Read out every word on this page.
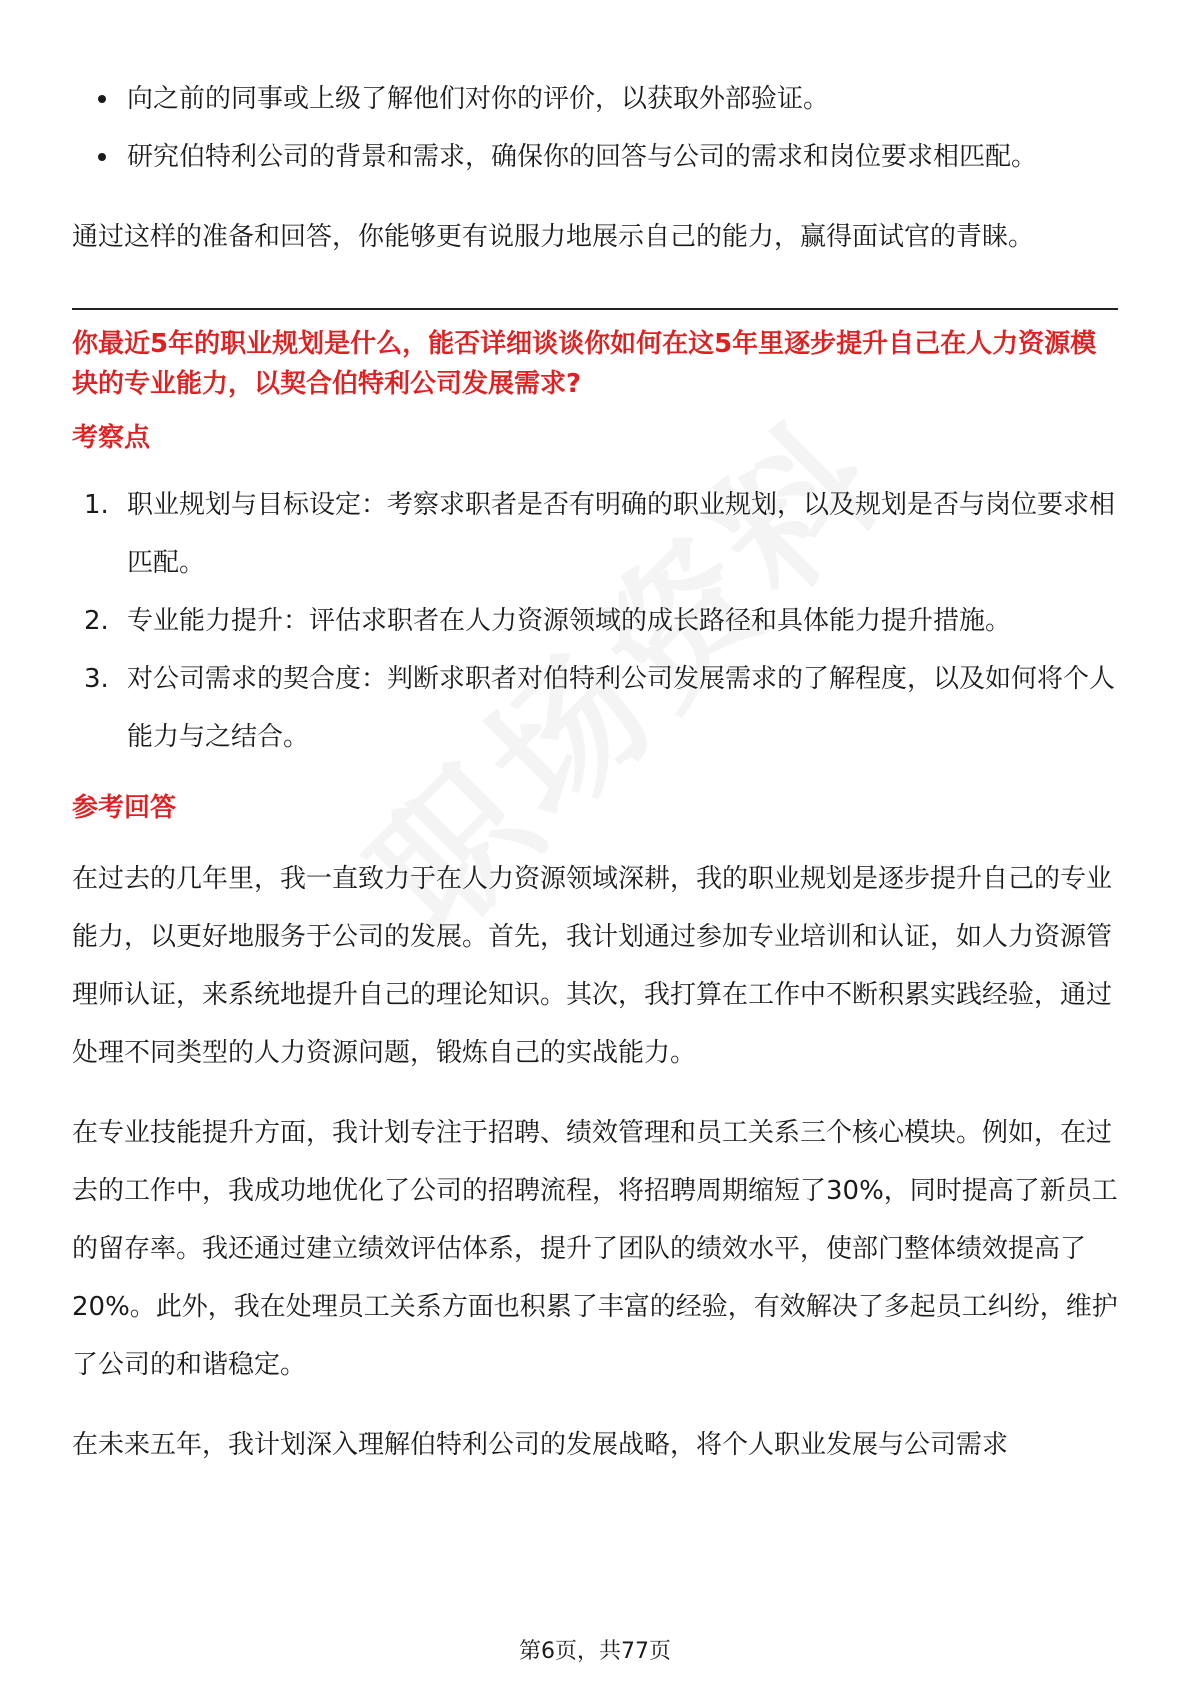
向之前的同事或上级了解他们对你的评价，以获取外部验证。
研究伯特利公司的背景和需求，确保你的回答与公司的需求和岗位要求相匹配。

通过这样的准备和回答，你能够更有说服力地展示自己的能力，赢得面试官的青睐。

你最近5年的职业规划是什么，能否详细谈谈你如何在这5年里逐步提升自己在人力资源模块的专业能力，以契合伯特利公司发展需求?

考察点

1. 职业规划与目标设定：考察求职者是否有明确的职业规划，以及规划是否与岗位要求相匹配。
2. 专业能力提升：评估求职者在人力资源领域的成长路径和具体能力提升措施。
3. 对公司需求的契合度：判断求职者对伯特利公司发展需求的了解程度，以及如何将个人能力与之结合。

参考回答

在过去的几年里，我一直致力于在人力资源领域深耕，我的职业规划是逐步提升自己的专业能力，以更好地服务于公司的发展。首先，我计划通过参加专业培训和认证，如人力资源管理师认证，来系统地提升自己的理论知识。其次，我打算在工作中不断积累实践经验，通过处理不同类型的人力资源问题，锻炼自己的实战能力。

在专业技能提升方面，我计划专注于招聘、绩效管理和员工关系三个核心模块。例如，在过去的工作中，我成功地优化了公司的招聘流程，将招聘周期缩短了30%，同时提高了新员工的留存率。我还通过建立绩效评估体系，提升了团队的绩效水平，使部门整体绩效提高了20%。此外，我在处理员工关系方面也积累了丰富的经验，有效解决了多起员工纠纷，维护了公司的和谐稳定。

在未来五年，我计划深入理解伯特利公司的发展战略，将个人职业发展与公司需求

第6页，共77页
